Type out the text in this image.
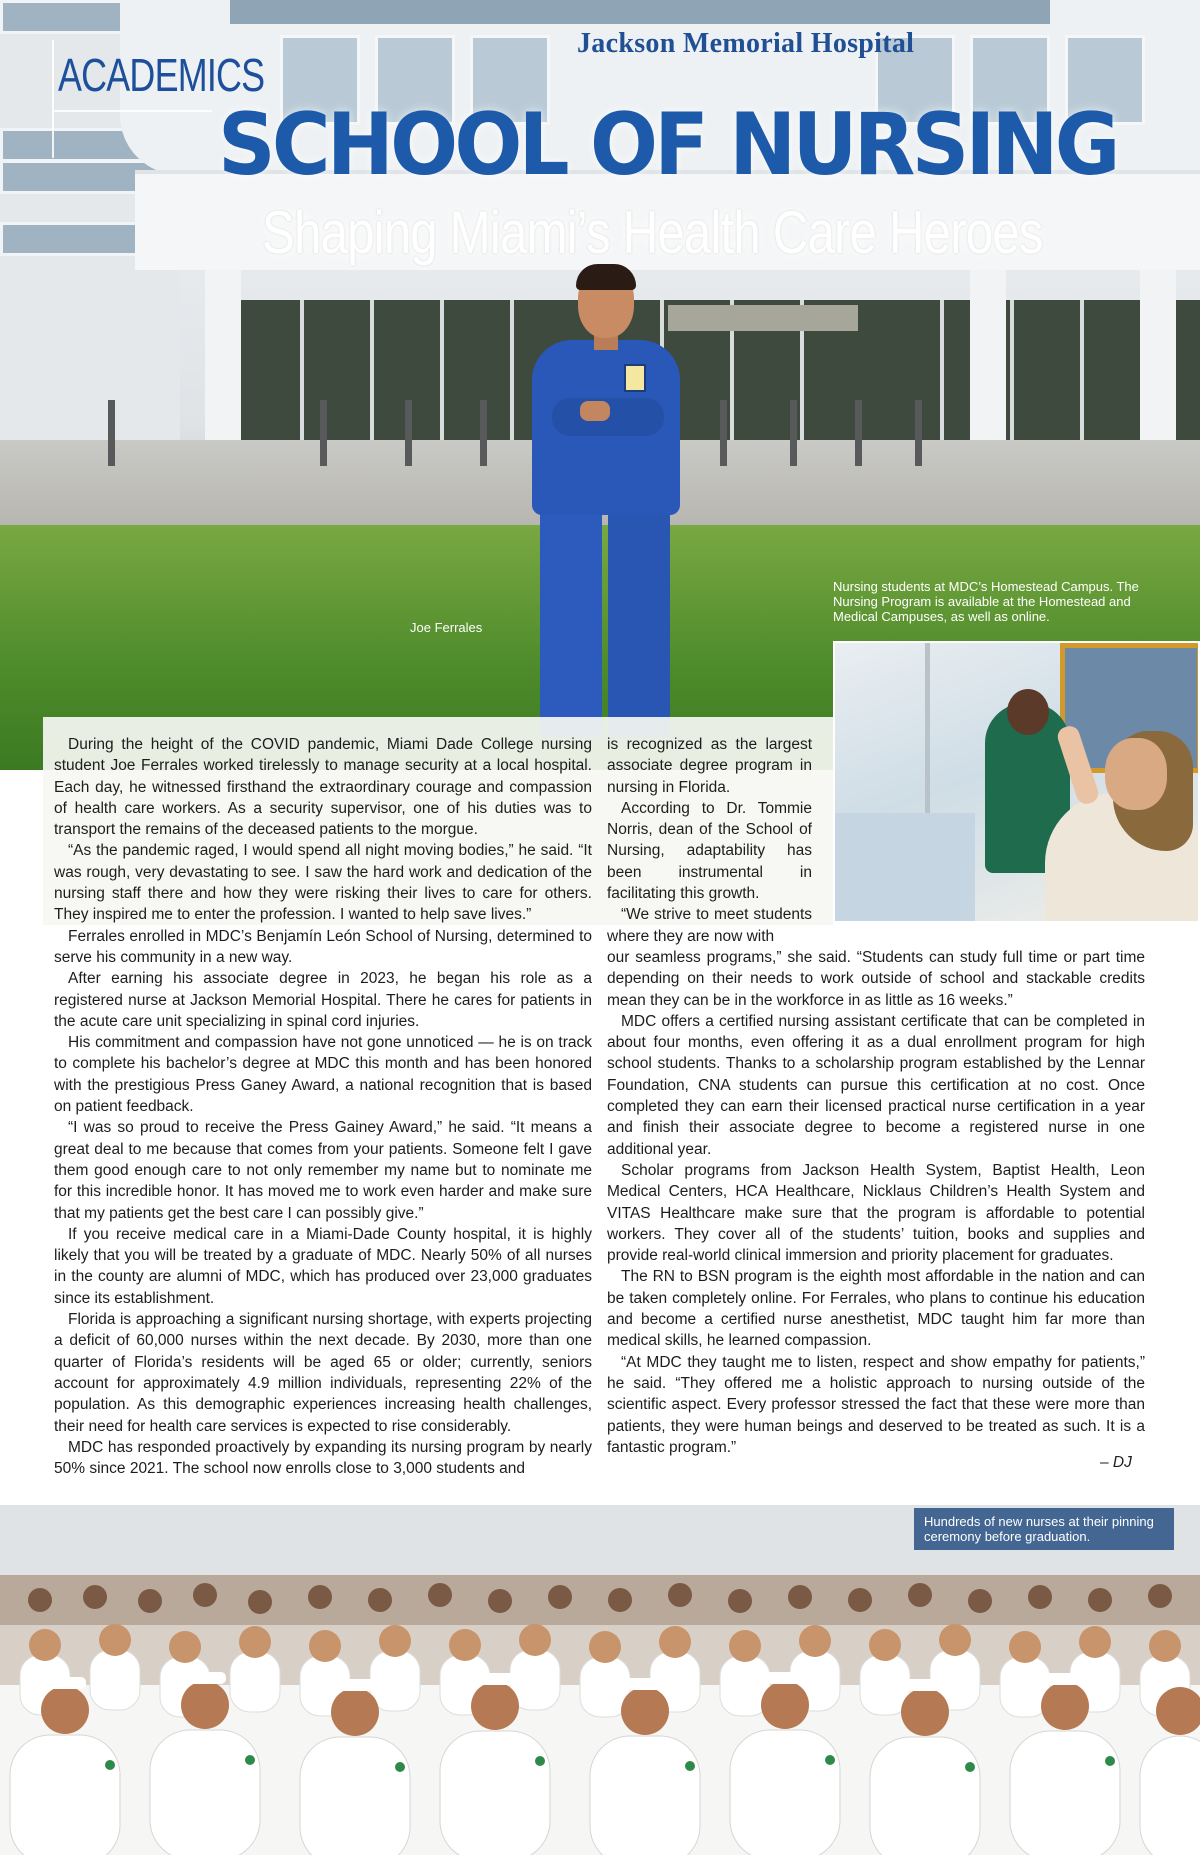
Jackson Memorial Hospital
ACADEMICS
SCHOOL OF NURSING
Shaping Miami’s Health Care Heroes
Joe Ferrales
Nursing students at MDC’s Homestead Campus. The Nursing Program is available at the Homestead and Medical Campuses, as well as online.

During the height of the COVID pandemic, Miami Dade College nursing student Joe Ferrales worked tirelessly to manage security at a local hospital. Each day, he witnessed firsthand the extraordinary courage and compassion of health care workers. As a security supervisor, one of his duties was to transport the remains of the deceased patients to the morgue.

“As the pandemic raged, I would spend all night moving bodies,” he said. “It was rough, very devastating to see. I saw the hard work and dedication of the nursing staff there and how they were risking their lives to care for others. They inspired me to enter the profession. I wanted to help save lives.”

Ferrales enrolled in MDC’s Benjamín León School of Nursing, determined to serve his community in a new way.

After earning his associate degree in 2023, he began his role as a registered nurse at Jackson Memorial Hospital. There he cares for patients in the acute care unit specializing in spinal cord injuries.

His commitment and compassion have not gone unnoticed — he is on track to complete his bachelor’s degree at MDC this month and has been honored with the prestigious Press Ganey Award, a national recognition that is based on patient feedback.

“I was so proud to receive the Press Gainey Award,” he said. “It means a great deal to me because that comes from your patients. Someone felt I gave them good enough care to not only remember my name but to nominate me for this incredible honor. It has moved me to work even harder and make sure that my patients get the best care I can possibly give.”

If you receive medical care in a Miami-Dade County hospital, it is highly likely that you will be treated by a graduate of MDC. Nearly 50% of all nurses in the county are alumni of MDC, which has produced over 23,000 graduates since its establishment.

Florida is approaching a significant nursing shortage, with experts projecting a deficit of 60,000 nurses within the next decade. By 2030, more than one quarter of Florida’s residents will be aged 65 or older; currently, seniors account for approximately 4.9 million individuals, representing 22% of the population. As this demographic experiences increasing health challenges, their need for health care services is expected to rise considerably.

MDC has responded proactively by expanding its nursing program by nearly 50% since 2021. The school now enrolls close to 3,000 students and

is recognized as the largest associate degree program in nursing in Florida.

According to Dr. Tommie Norris, dean of the School of Nursing, adaptability has been instrumental in facilitating this growth.

“We strive to meet students where they are now with

our seamless programs,” she said. “Students can study full time or part time depending on their needs to work outside of school and stackable credits mean they can be in the workforce in as little as 16 weeks.”

MDC offers a certified nursing assistant certificate that can be completed in about four months, even offering it as a dual enrollment program for high school students. Thanks to a scholarship program established by the Lennar Foundation, CNA students can pursue this certification at no cost. Once completed they can earn their licensed practical nurse certification in a year and finish their associate degree to become a registered nurse in one additional year.

Scholar programs from Jackson Health System, Baptist Health, Leon Medical Centers, HCA Healthcare, Nicklaus Children’s Health System and VITAS Healthcare make sure that the program is affordable to potential workers. They cover all of the students’ tuition, books and supplies and provide real-world clinical immersion and priority placement for graduates.

The RN to BSN program is the eighth most affordable in the nation and can be taken completely online. For Ferrales, who plans to continue his education and become a certified nurse anesthetist, MDC taught him far more than medical skills, he learned compassion.

“At MDC they taught me to listen, respect and show empathy for patients,” he said. “They offered me a holistic approach to nursing outside of the scientific aspect. Every professor stressed the fact that these were more than patients, they were human beings and deserved to be treated as such. It is a fantastic program.”

– DJ
Hundreds of new nurses at their pinning ceremony before graduation.
